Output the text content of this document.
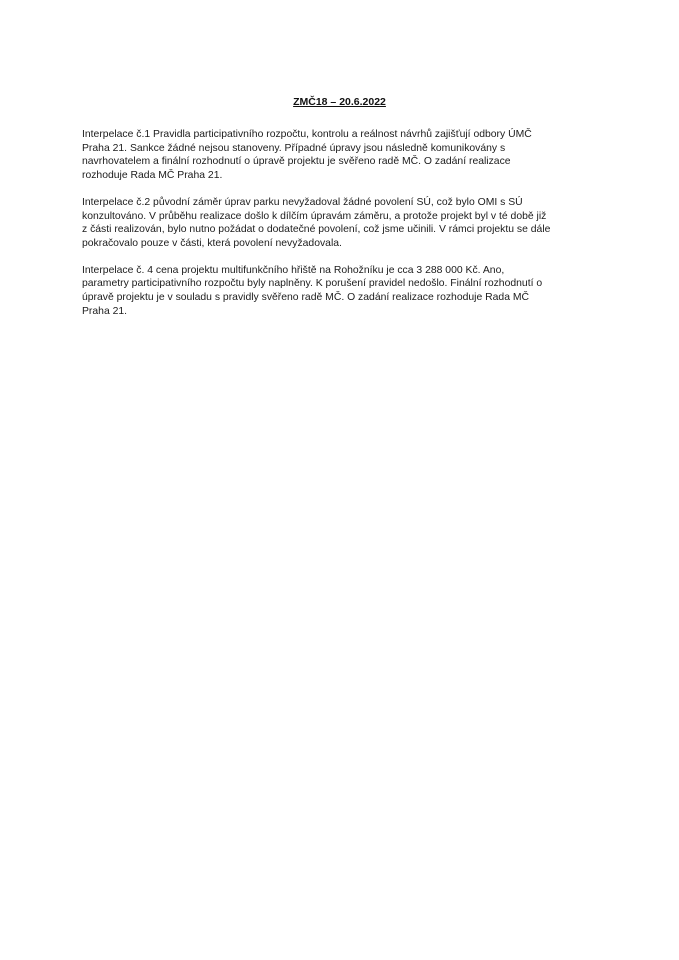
ZMČ18 – 20.6.2022

Interpelace č.1 Pravidla participativního rozpočtu, kontrolu a reálnost návrhů zajišťují odbory ÚMČ
Praha 21. Sankce žádné nejsou stanoveny. Případné úpravy jsou následně komunikovány s
navrhovatelem a finální rozhodnutí o úpravě projektu je svěřeno radě MČ. O zadání realizace
rozhoduje Rada MČ Praha 21.

Interpelace č.2 původní záměr úprav parku nevyžadoval žádné povolení SÚ, což bylo OMI s SÚ
konzultováno. V průběhu realizace došlo k dílčím úpravám záměru, a protože projekt byl v té době již
z části realizován, bylo nutno požádat o dodatečné povolení, což jsme učinili. V rámci projektu se dále
pokračovalo pouze v části, která povolení nevyžadovala.

Interpelace č. 4 cena projektu multifunkčního hřiště na Rohožníku je cca 3 288 000 Kč. Ano,
parametry participativního rozpočtu byly naplněny. K porušení pravidel nedošlo. Finální rozhodnutí o
úpravě projektu je v souladu s pravidly svěřeno radě MČ. O zadání realizace rozhoduje Rada MČ
Praha 21.
